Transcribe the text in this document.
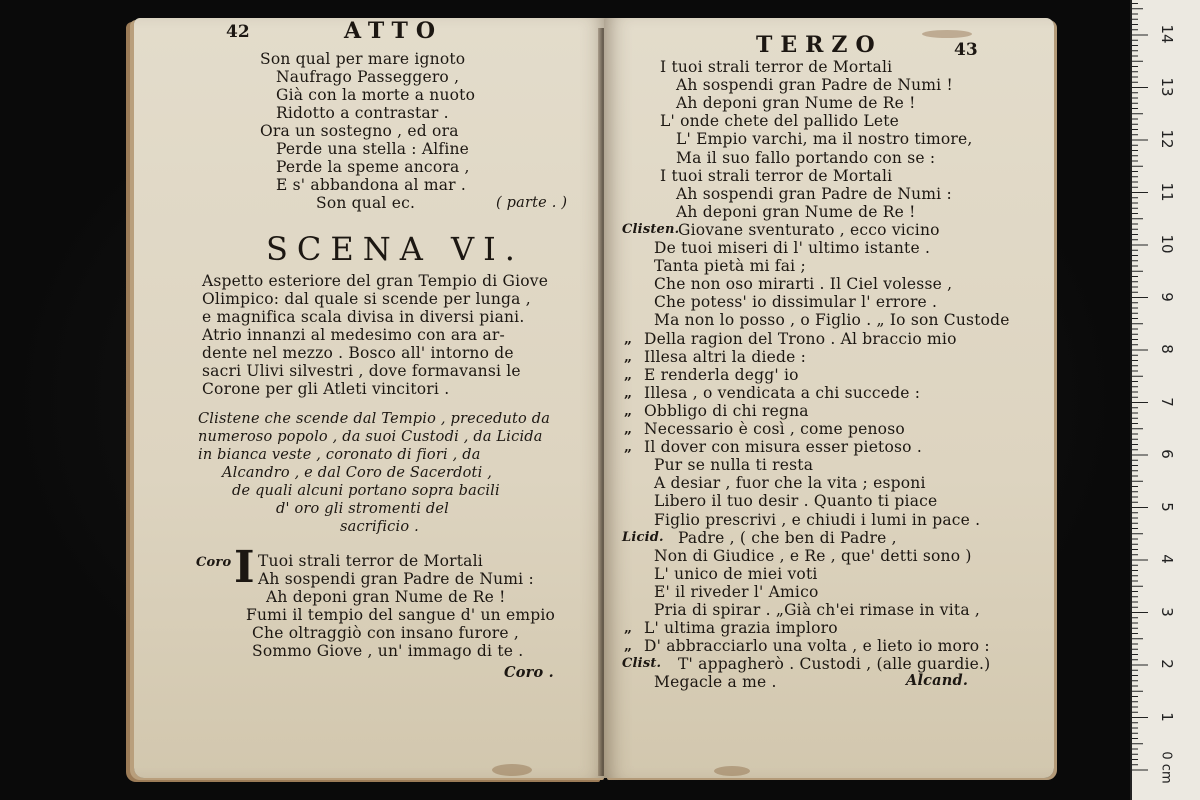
42	ATTO
Son qual per mare ignoto
Naufrago Passeggero ,
Già con la morte a nuoto
Ridotto a contrastar .
Ora un sostegno , ed ora
Perde una stella : Alfine
Perde la speme ancora ,
E s' abbandona al mar .
Son qual ec.	( parte . )
SCENA VI.
Aspetto esteriore del gran Tempio di Giove
Olimpico: dal quale si scende per lunga ,
e magnifica scala divisa in diversi piani.
Atrio innanzi al medesimo con ara ar-
dente nel mezzo . Bosco all' intorno de
sacri Ulivi silvestri , dove formavansi le
Corone per gli Atleti vincitori .
Clistene che scende dal Tempio , preceduto da
numeroso popolo , da suoi Custodi , da Licida
in bianca veste , coronato di fiori , da
Alcandro , e dal Coro de Sacerdoti ,
de quali alcuni portano sopra bacili
d' oro gli stromenti del
sacrificio .
Coro I Tuoi strali terror de Mortali
Ah sospendi gran Padre de Numi :
Ah deponi gran Nume de Re !
Fumi il tempio del sangue d' un empio
Che oltraggiò con insano furore ,
Sommo Giove , un' immago di te .
Coro .
TERZO	43
I tuoi strali terror de Mortali
Ah sospendi gran Padre de Numi !
Ah deponi gran Nume de Re !
L' onde chete del pallido Lete
L' Empio varchi, ma il nostro timore,
Ma il suo fallo portando con se :
I tuoi strali terror de Mortali
Ah sospendi gran Padre de Numi :
Ah deponi gran Nume de Re !
Clisten.
Giovane sventurato , ecco vicino
De tuoi miseri di l' ultimo istante .
Tanta pietà mi fai ;
Che non oso mirarti . Il Ciel volesse ,
Che potess' io dissimular l' errore .
Ma non lo posso , o Figlio . „ Io son Custode
„ Della ragion del Trono . Al braccio mio
„ Illesa altri la diede :
„ E renderla degg' io
„ Illesa , o vendicata a chi succede :
„ Obbligo di chi regna
„ Necessario è così , come penoso
„ Il dover con misura esser pietoso .
Pur se nulla ti resta
A desiar , fuor che la vita ; esponi
Libero il tuo desir . Quanto ti piace
Figlio prescrivi , e chiudi i lumi in pace .
Licid. Padre , ( che ben di Padre ,
Non di Giudice , e Re , que' detti sono )
L' unico de miei voti
E' il riveder l' Amico
Pria di spirar . „Già ch'ei rimase in vita ,
„ L' ultima grazia imploro
„ D' abbracciarlo una volta , e lieto io moro :
Clist. T' appagherò . Custodi , (alle guardie.)
Megacle a me .	Alcand.
14
13
12
11
10
9
8
7
6
5
4
3
2
1
0 cm
